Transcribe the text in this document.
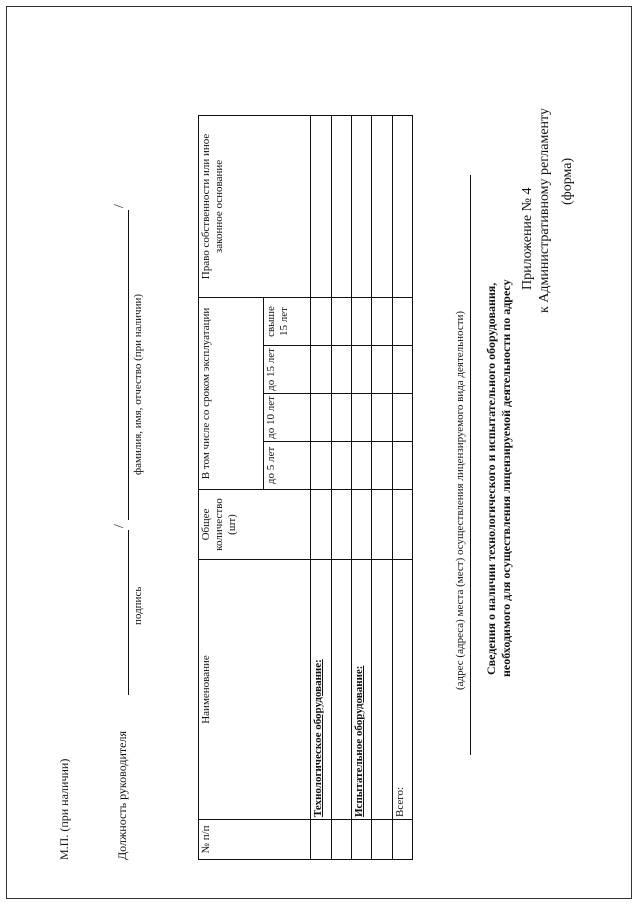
Приложение № 4 к Административному регламенту (форма)
Сведения о наличии технологического и испытательного оборудования, необходимого для осуществления лицензируемой деятельности по адресу
(адрес (адреса) места (мест) осуществления лицензируемого вида деятельности)
№ п/п	Наименование	Общее количество (шт)	В том числе со сроком эксплуатации				Право собственности или иное законное основание
			до 5 лет	до 10 лет	до 15 лет	свыше 15 лет	
	Технологическое оборудование:						

	Испытательное оборудование:						

	Всего:						
Должность руководителя
/
/
подпись
фамилия, имя, отчество (при наличии)
М.П. (при наличии)
